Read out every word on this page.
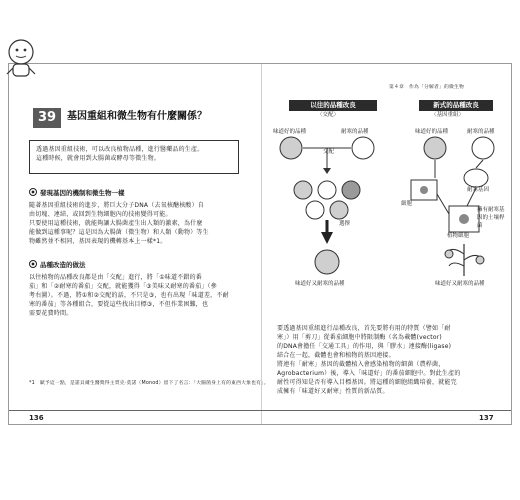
39	基因重組和微生物有什麼關係？
透過基因重組技術，可以改良植物品種，進行醫藥品的生產。
這種時候，就會用到大腸菌或酵母等微生物。
發現基因的機制和微生物一樣
隨著基因重組技術的進步，將巨大分子DNA（去氧核醣核酸）自
由切塊、連結，或回到生物細胞內的技術變得可能。
只要使用這種技術，就能夠讓大腸菌產生出人類的激素，為什麼
能做到這種事呢？這是因為大腸菌（微生物）和人類（動物）等生
物雖然並不相同，基因表現的機轉基本上一樣*1。
品種改造的做法
以往植物的品種改良都是由「交配」進行，將「①味道不錯的番
茄」和「②耐寒的番茄」交配，就能獲得「③美味又耐寒的番茄」（參
考右圖）。不過，將①和②交配的話，不只是③，也有出現「味道差，不耐
寒的番茄」等各種組合，要從這些找出目標③，不但作業困難，也
需要花費時間。
*1　賦予這一點，是諾貝爾生醫獎得主賈克·莫諾（Monod）留下了名言：「大腸菌身上有的東西大象也有」。
136
第４章　作為「分解者」的微生物
以往的品種改良
〈交配〉
味道好的品種	耐寒的品種
交配
選擇
味道好又耐寒的品種
新式的品種改良
〈基因重組〉
味道好的品種	耐寒的品種
細胞
耐寒基因
植物細胞
擁有耐寒基因的土壤桿菌
味道好又耐寒的品種
要透過基因重組進行品種改良，首先要將有用的特質（譬如「耐
寒」）用「剪刀」從番茄細胞中將限制酶（名為載體(vector)
的DNA會擔任「交通工具」的作用，與「膠水」連接酶(ligase)
結合在一起，截體也會和植物的基因連接。
將連有「耐寒」基因的截體植入會感染植物的細菌（農桿菌，
Agrobacterium）後，導入「味道好」的番茄細胞中。對此生產的
耐性可得知是否有導入目標基因。將這種的細胞組織培養，就能完
成擁有「味道好又耐寒」性質的新品質。
137
